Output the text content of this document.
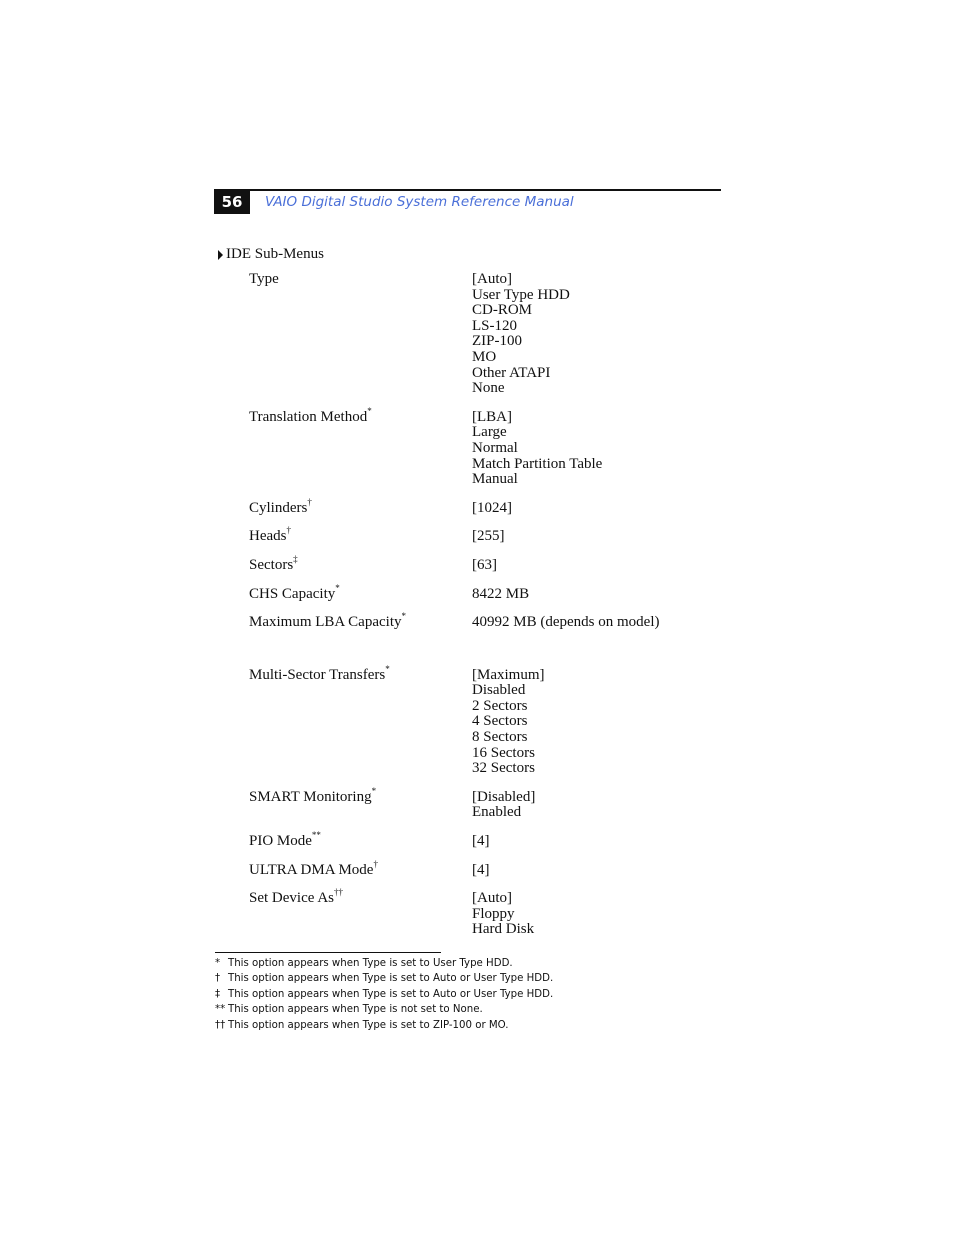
56	VAIO Digital Studio System Reference Manual
IDE Sub-Menus
Type	[Auto]
User Type HDD
CD-ROM
LS-120
ZIP-100
MO
Other ATAPI
None
Translation Method*	[LBA]
Large
Normal
Match Partition Table
Manual
Cylinders†	[1024]
Heads†	[255]
Sectors‡	[63]
CHS Capacity*	8422 MB
Maximum LBA Capacity*	40992 MB (depends on model)
Multi-Sector Transfers*	[Maximum]
Disabled
2 Sectors
4 Sectors
8 Sectors
16 Sectors
32 Sectors
SMART Monitoring*	[Disabled]
Enabled
PIO Mode**	[4]
ULTRA DMA Mode†	[4]
Set Device As††	[Auto]
Floppy
Hard Disk
* This option appears when Type is set to User Type HDD.
† This option appears when Type is set to Auto or User Type HDD.
‡ This option appears when Type is set to Auto or User Type HDD.
** This option appears when Type is not set to None.
†† This option appears when Type is set to ZIP-100 or MO.
